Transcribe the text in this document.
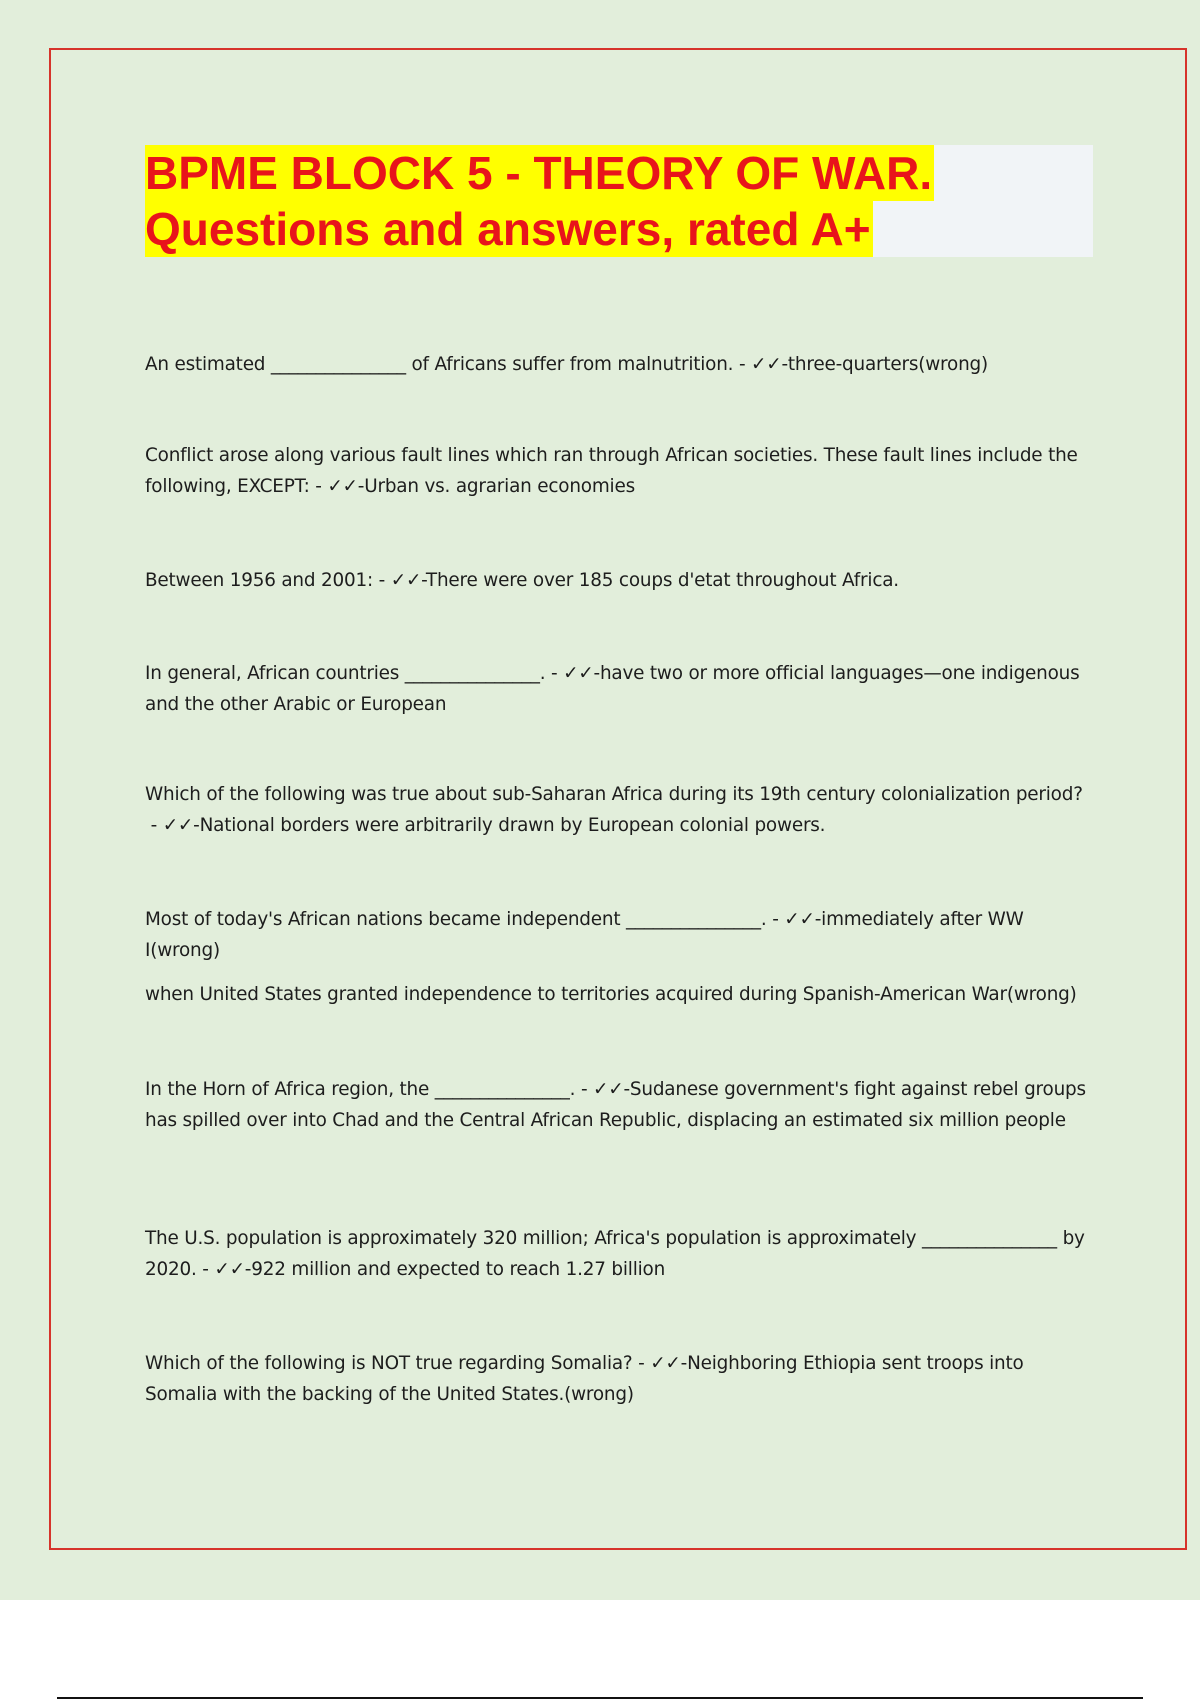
BPME BLOCK 5 - THEORY OF WAR.
Questions and answers, rated A+

An estimated _______________ of Africans suffer from malnutrition. - ✓✓-three-quarters(wrong)

Conflict arose along various fault lines which ran through African societies. These fault lines include the following, EXCEPT: - ✓✓-Urban vs. agrarian economies

Between 1956 and 2001: - ✓✓-There were over 185 coups d'etat throughout Africa.

In general, African countries _______________. - ✓✓-have two or more official languages—one indigenous and the other Arabic or European

Which of the following was true about sub-Saharan Africa during its 19th century colonialization period? - ✓✓-National borders were arbitrarily drawn by European colonial powers.

Most of today's African nations became independent _______________. - ✓✓-immediately after WW I(wrong)

when United States granted independence to territories acquired during Spanish-American War(wrong)

In the Horn of Africa region, the _______________. - ✓✓-Sudanese government's fight against rebel groups has spilled over into Chad and the Central African Republic, displacing an estimated six million people

The U.S. population is approximately 320 million; Africa's population is approximately _______________ by 2020. - ✓✓-922 million and expected to reach 1.27 billion

Which of the following is NOT true regarding Somalia? - ✓✓-Neighboring Ethiopia sent troops into Somalia with the backing of the United States.(wrong)
